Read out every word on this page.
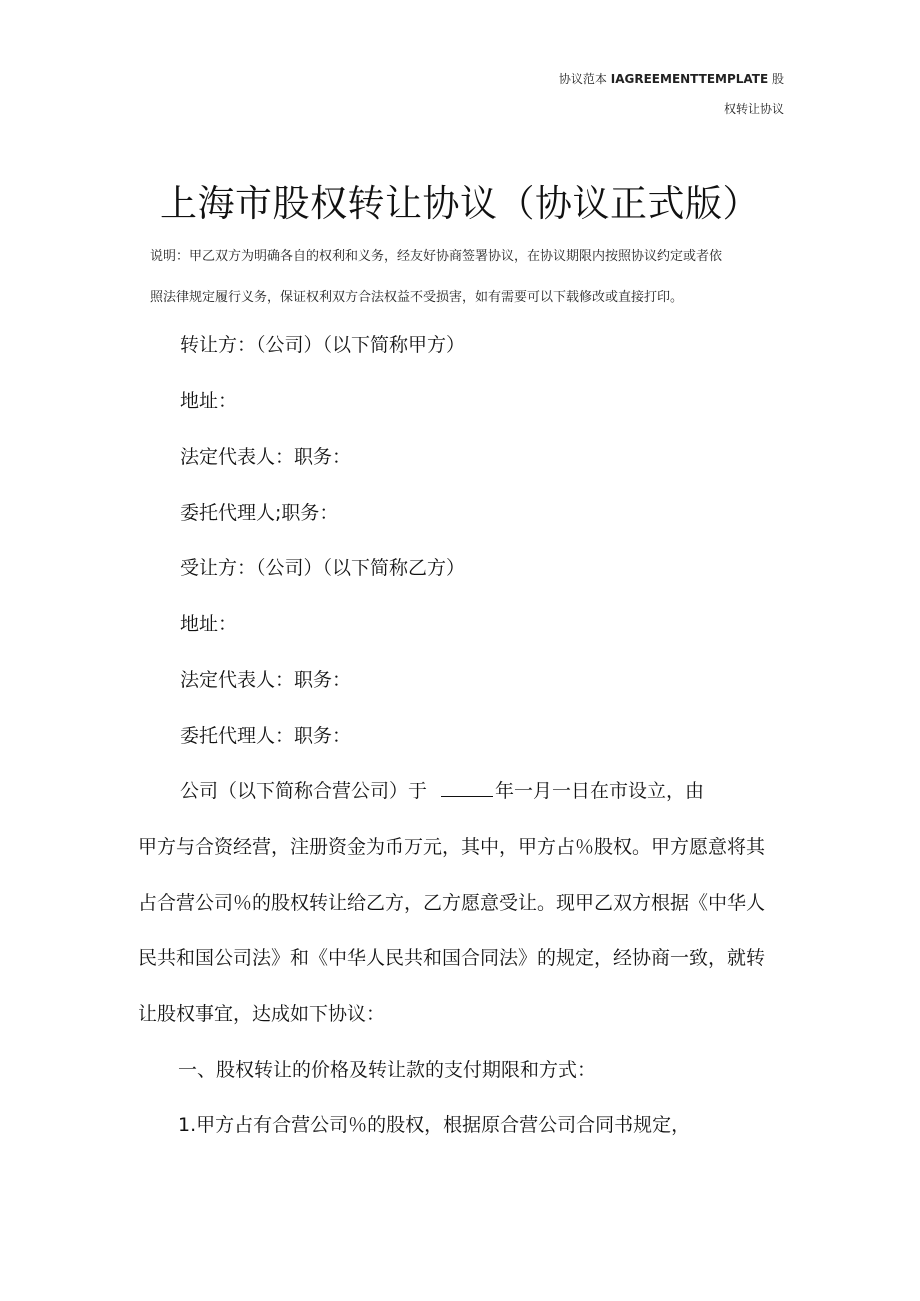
协议范本 IAGREEMENTTEMPLATE 股
权转让协议
上海市股权转让协议（协议正式版）
说明：甲乙双方为明确各自的权利和义务，经友好协商签署协议，在协议期限内按照协议约定或者依
照法律规定履行义务，保证权利双方合法权益不受损害，如有需要可以下载修改或直接打印。
转让方：（公司）（以下简称甲方）
地址：
法定代表人：职务：
委托代理人;职务：
受让方：（公司）（以下简称乙方）
地址：
法定代表人：职务：
委托代理人：职务：
公司（以下简称合营公司）于	年一月一日在市设立，由
甲方与合资经营，注册资金为币万元，其中，甲方占％股权。甲方愿意将其
占合营公司％的股权转让给乙方，乙方愿意受让。现甲乙双方根据《中华人
民共和国公司法》和《中华人民共和国合同法》的规定，经协商一致，就转
让股权事宜，达成如下协议：
一、股权转让的价格及转让款的支付期限和方式：
1.甲方占有合营公司％的股权，根据原合营公司合同书规定，
